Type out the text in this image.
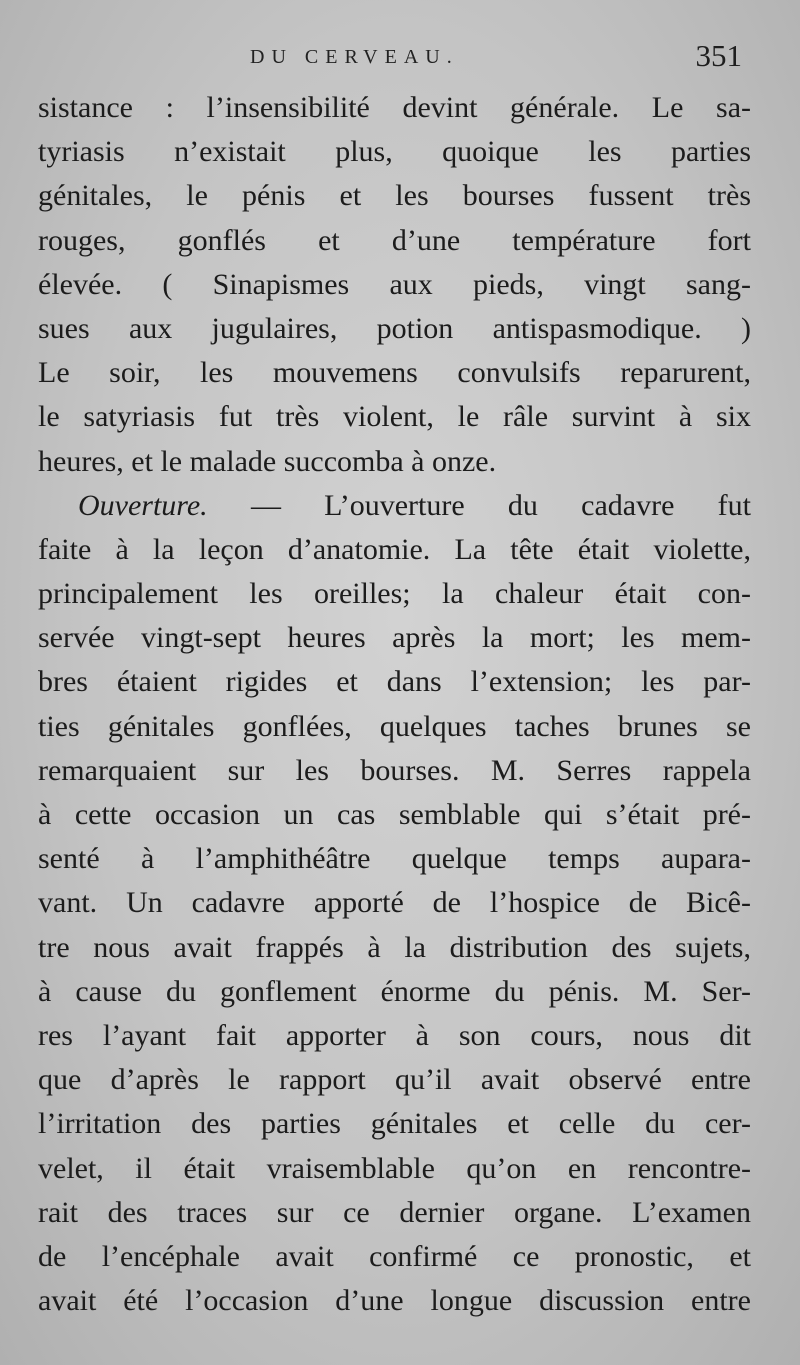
DU CERVEAU.	351
sistance : l’insensibilité devint générale. Le sa-
tyriasis n’existait plus, quoique les parties
génitales, le pénis et les bourses fussent très
rouges, gonflés et d’une température fort
élevée. ( Sinapismes aux pieds, vingt sang-
sues aux jugulaires, potion antispasmodique. )
Le soir, les mouvemens convulsifs reparurent,
le satyriasis fut très violent, le râle survint à six
heures, et le malade succomba à onze.
Ouverture. — L’ouverture du cadavre fut
faite à la leçon d’anatomie. La tête était violette,
principalement les oreilles; la chaleur était con-
servée vingt-sept heures après la mort; les mem-
bres étaient rigides et dans l’extension; les par-
ties génitales gonflées, quelques taches brunes se
remarquaient sur les bourses. M. Serres rappela
à cette occasion un cas semblable qui s’était pré-
senté à l’amphithéâtre quelque temps aupara-
vant. Un cadavre apporté de l’hospice de Bicê-
tre nous avait frappés à la distribution des sujets,
à cause du gonflement énorme du pénis. M. Ser-
res l’ayant fait apporter à son cours, nous dit
que d’après le rapport qu’il avait observé entre
l’irritation des parties génitales et celle du cer-
velet, il était vraisemblable qu’on en rencontre-
rait des traces sur ce dernier organe. L’examen
de l’encéphale avait confirmé ce pronostic, et
avait été l’occasion d’une longue discussion entre
